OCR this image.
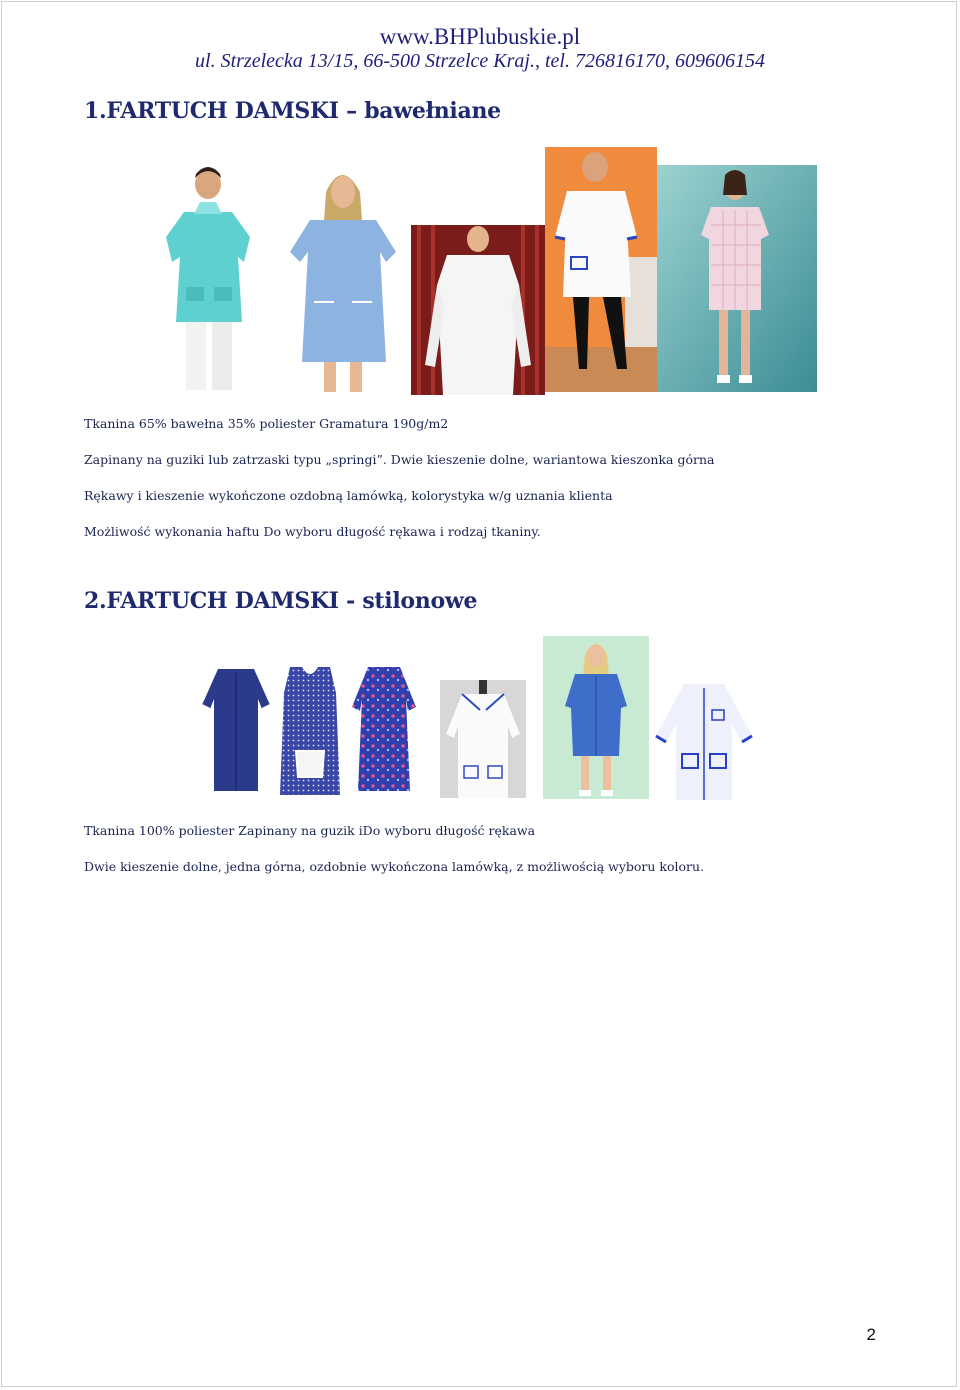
www.BHPlubuskie.pl
ul. Strzelecka 13/15, 66-500 Strzelce Kraj., tel. 726816170, 609606154
1.FARTUCH DAMSKI – bawełniane
Tkanina 65% bawełna 35% poliester Gramatura 190g/m2
Zapinany na guziki lub zatrzaski typu „springi”. Dwie kieszenie dolne, wariantowa kieszonka górna
Rękawy i kieszenie wykończone ozdobną lamówką, kolorystyka w/g uznania klienta
Możliwość wykonania haftu Do wyboru długość rękawa i rodzaj tkaniny.
2.FARTUCH DAMSKI - stilonowe
Tkanina 100% poliester Zapinany na guzik iDo wyboru długość rękawa
Dwie kieszenie dolne, jedna górna, ozdobnie wykończona lamówką, z możliwością wyboru koloru.
2
